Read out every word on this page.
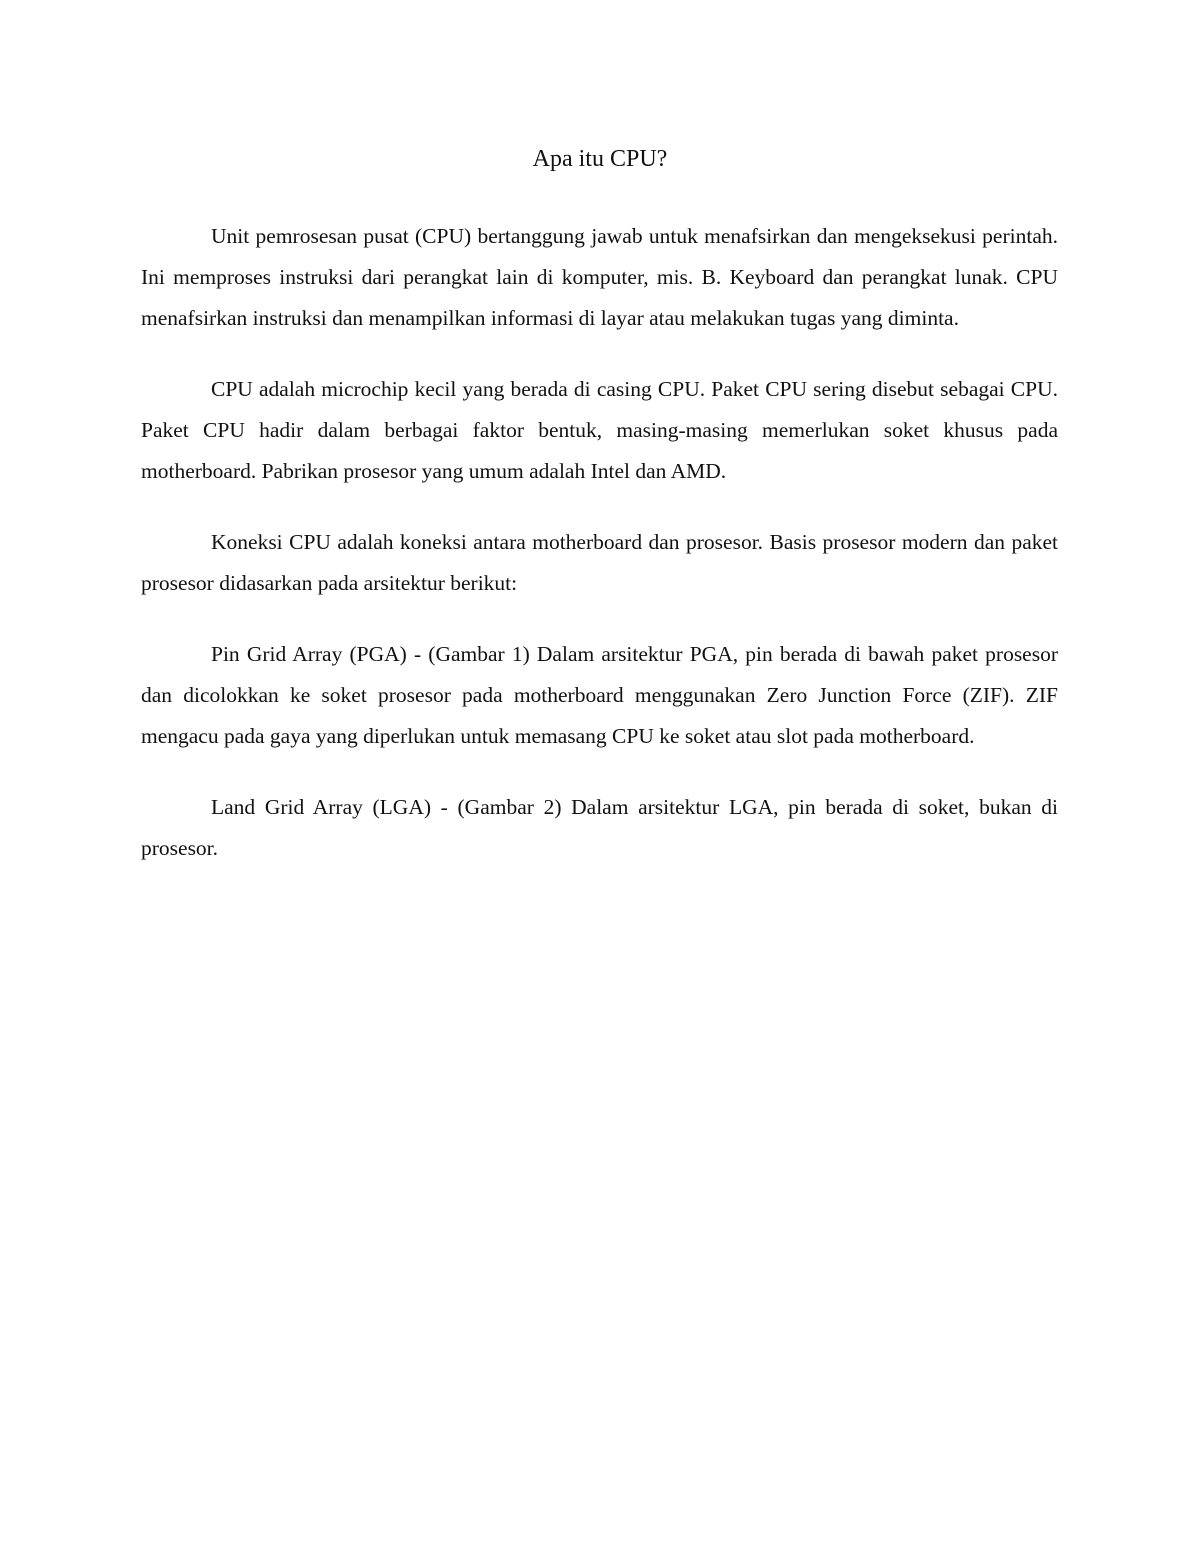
Apa itu CPU?

Unit pemrosesan pusat (CPU) bertanggung jawab untuk menafsirkan dan mengeksekusi perintah. Ini memproses instruksi dari perangkat lain di komputer, mis. B. Keyboard dan perangkat lunak. CPU menafsirkan instruksi dan menampilkan informasi di layar atau melakukan tugas yang diminta.

CPU adalah microchip kecil yang berada di casing CPU. Paket CPU sering disebut sebagai CPU. Paket CPU hadir dalam berbagai faktor bentuk, masing-masing memerlukan soket khusus pada motherboard. Pabrikan prosesor yang umum adalah Intel dan AMD.

Koneksi CPU adalah koneksi antara motherboard dan prosesor. Basis prosesor modern dan paket prosesor didasarkan pada arsitektur berikut:

Pin Grid Array (PGA) - (Gambar 1) Dalam arsitektur PGA, pin berada di bawah paket prosesor dan dicolokkan ke soket prosesor pada motherboard menggunakan Zero Junction Force (ZIF). ZIF mengacu pada gaya yang diperlukan untuk memasang CPU ke soket atau slot pada motherboard.

Land Grid Array (LGA) - (Gambar 2) Dalam arsitektur LGA, pin berada di soket, bukan di prosesor.
